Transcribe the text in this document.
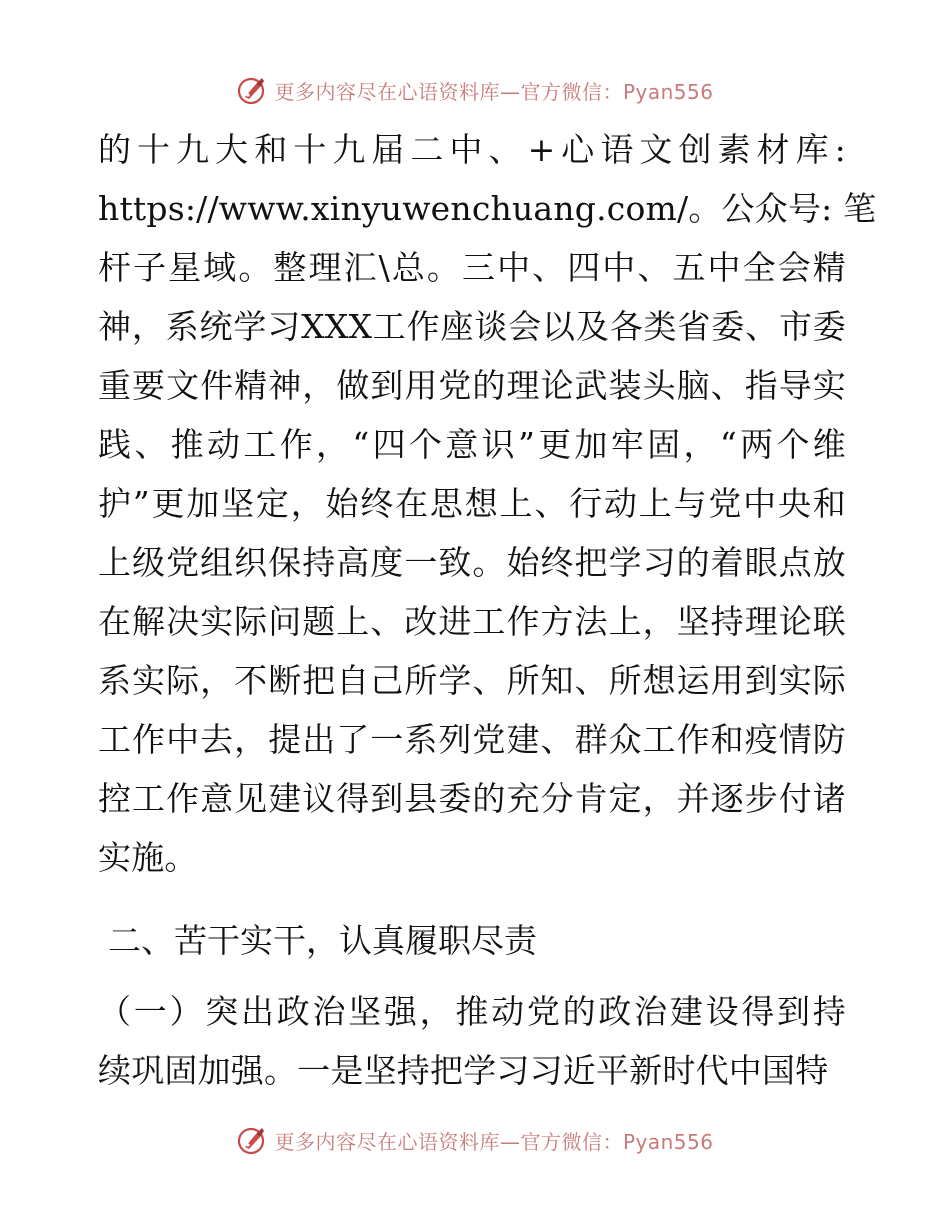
更多内容尽在心语资料库—官方微信：Pyan556
的十九大和十九届二中、+心语文创素材库:
https://www.xinyuwenchuang.com/。公众号: 笔
杆子星域。整理汇\总。三中、四中、五中全会精
神，系统学习XXX工作座谈会以及各类省委、市委
重要文件精神，做到用党的理论武装头脑、指导实
践、推动工作，“四个意识”更加牢固，“两个维
护”更加坚定，始终在思想上、行动上与党中央和
上级党组织保持高度一致。始终把学习的着眼点放
在解决实际问题上、改进工作方法上，坚持理论联
系实际，不断把自己所学、所知、所想运用到实际
工作中去，提出了一系列党建、群众工作和疫情防
控工作意见建议得到县委的充分肯定，并逐步付诸
实施。
二、苦干实干，认真履职尽责
（一）突出政治坚强，推动党的政治建设得到持
续巩固加强。一是坚持把学习习近平新时代中国特
更多内容尽在心语资料库—官方微信：Pyan556
